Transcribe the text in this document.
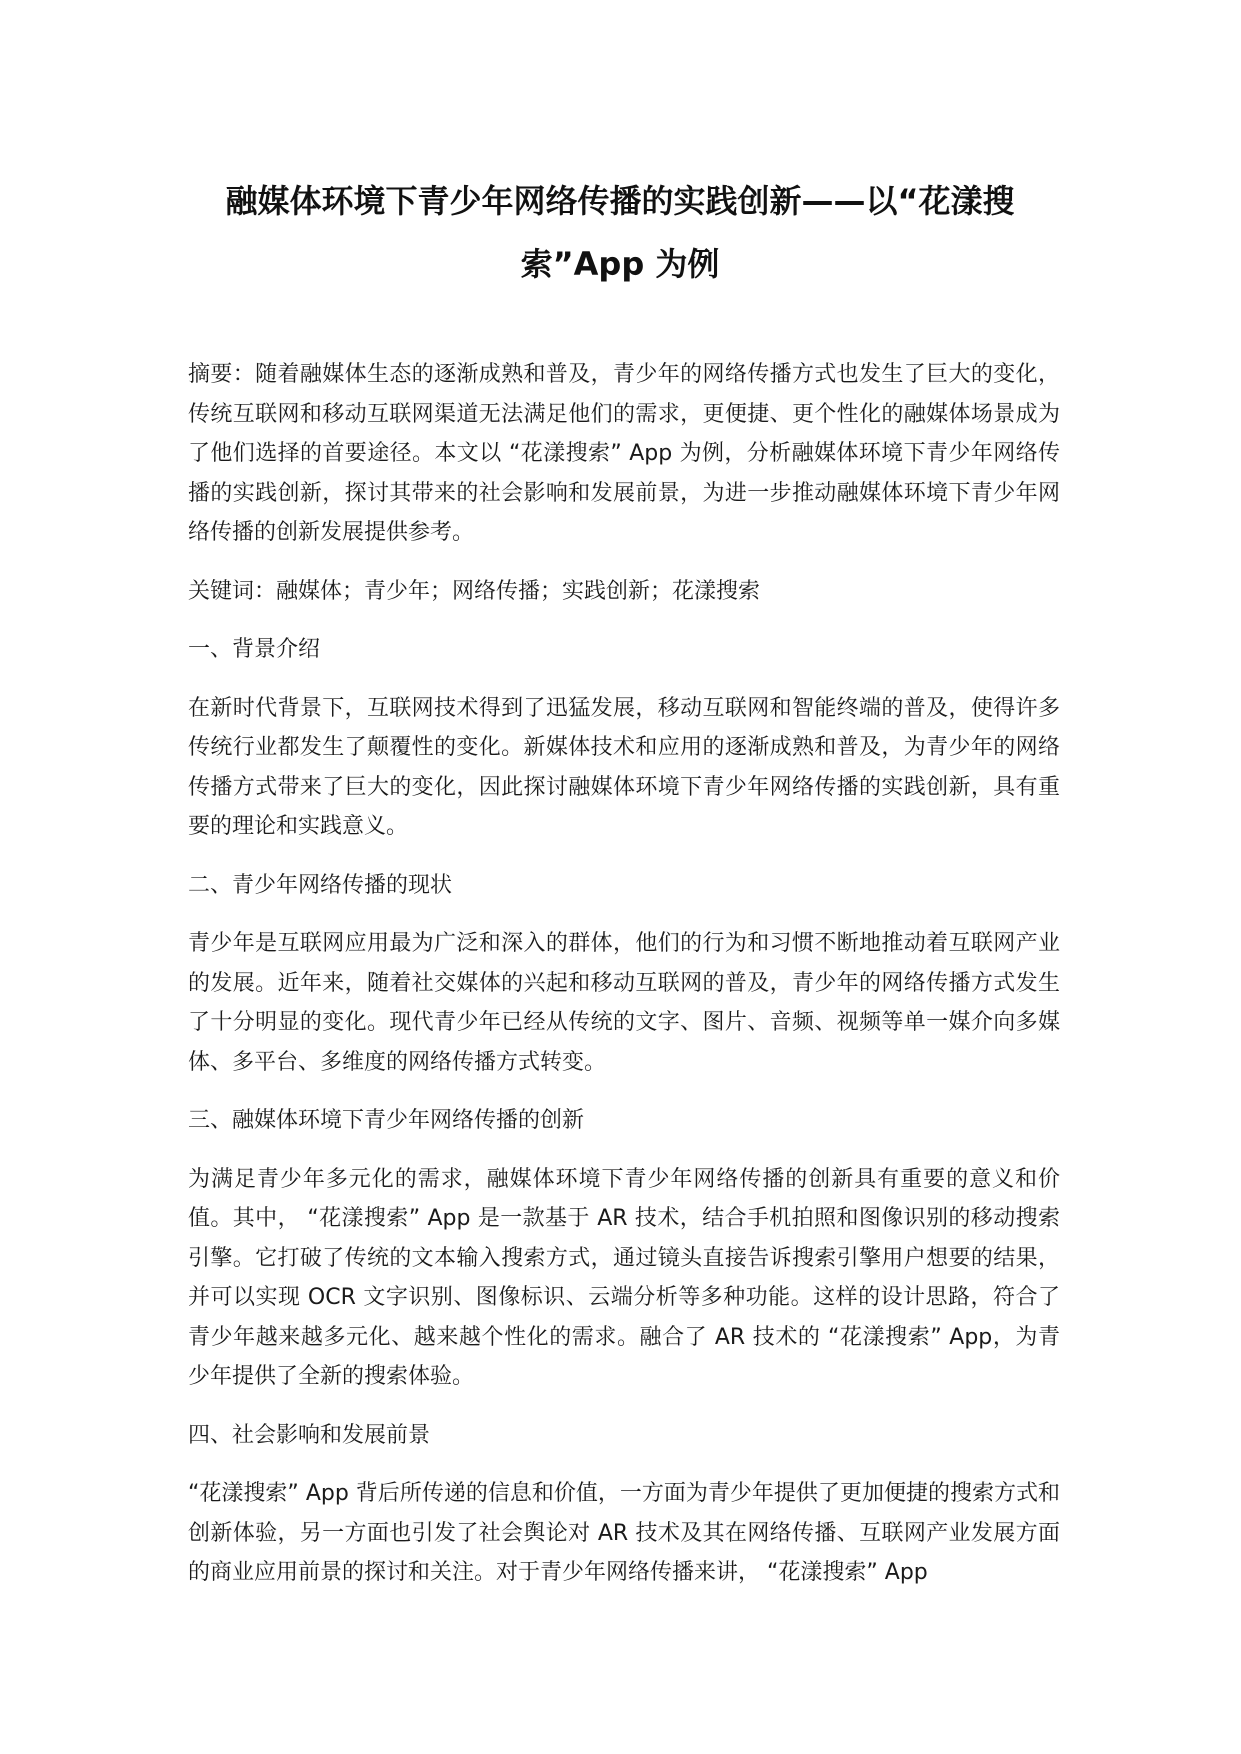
融媒体环境下青少年网络传播的实践创新——以“花漾搜索”App 为例

摘要：随着融媒体生态的逐渐成熟和普及，青少年的网络传播方式也发生了巨大的变化，传统互联网和移动互联网渠道无法满足他们的需求，更便捷、更个性化的融媒体场景成为了他们选择的首要途径。本文以 “花漾搜索” App 为例，分析融媒体环境下青少年网络传播的实践创新，探讨其带来的社会影响和发展前景，为进一步推动融媒体环境下青少年网络传播的创新发展提供参考。

关键词：融媒体；青少年；网络传播；实践创新；花漾搜索

一、背景介绍

在新时代背景下，互联网技术得到了迅猛发展，移动互联网和智能终端的普及，使得许多传统行业都发生了颠覆性的变化。新媒体技术和应用的逐渐成熟和普及，为青少年的网络传播方式带来了巨大的变化，因此探讨融媒体环境下青少年网络传播的实践创新，具有重要的理论和实践意义。

二、青少年网络传播的现状

青少年是互联网应用最为广泛和深入的群体，他们的行为和习惯不断地推动着互联网产业的发展。近年来，随着社交媒体的兴起和移动互联网的普及，青少年的网络传播方式发生了十分明显的变化。现代青少年已经从传统的文字、图片、音频、视频等单一媒介向多媒体、多平台、多维度的网络传播方式转变。

三、融媒体环境下青少年网络传播的创新

为满足青少年多元化的需求，融媒体环境下青少年网络传播的创新具有重要的意义和价值。其中， “花漾搜索” App 是一款基于 AR 技术，结合手机拍照和图像识别的移动搜索引擎。它打破了传统的文本输入搜索方式，通过镜头直接告诉搜索引擎用户想要的结果，并可以实现 OCR 文字识别、图像标识、云端分析等多种功能。这样的设计思路，符合了青少年越来越多元化、越来越个性化的需求。融合了 AR 技术的 “花漾搜索” App，为青少年提供了全新的搜索体验。

四、社会影响和发展前景

“花漾搜索” App 背后所传递的信息和价值，一方面为青少年提供了更加便捷的搜索方式和创新体验，另一方面也引发了社会舆论对 AR 技术及其在网络传播、互联网产业发展方面的商业应用前景的探讨和关注。对于青少年网络传播来讲， “花漾搜索” App
